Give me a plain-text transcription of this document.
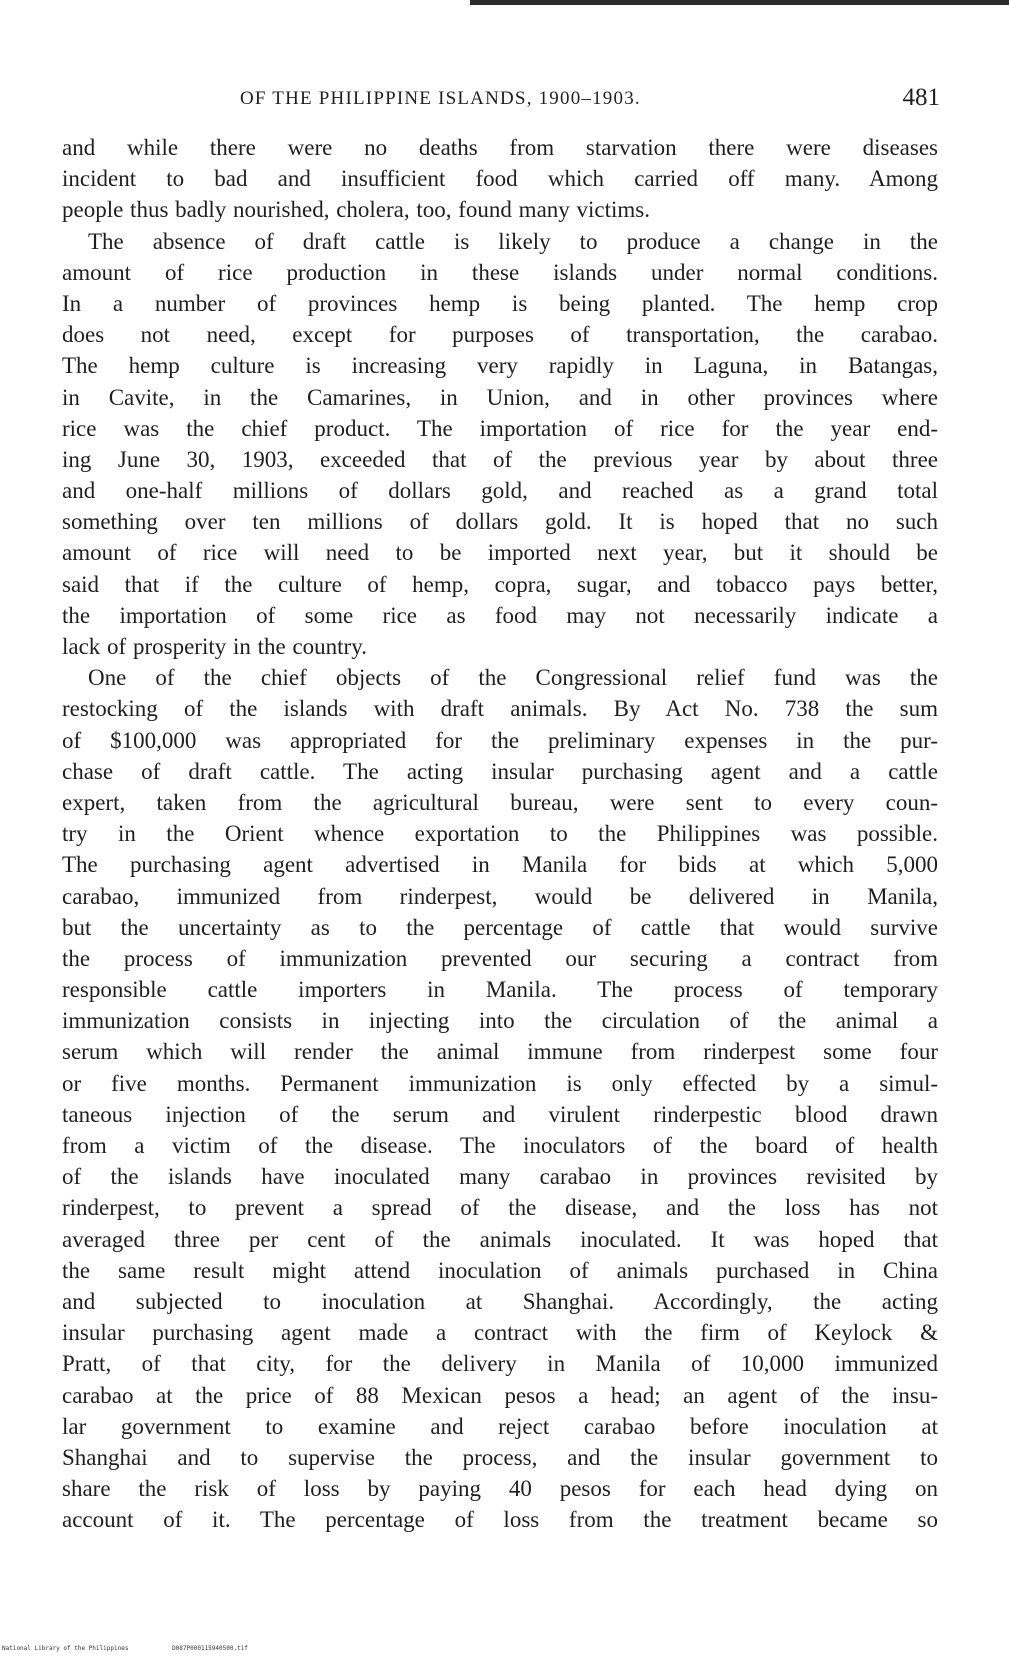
OF THE PHILIPPINE ISLANDS, 1900–1903.	481
and while there were no deaths from starvation there were diseases
incident to bad and insufficient food which carried off many. Among
people thus badly nourished, cholera, too, found many victims.
The absence of draft cattle is likely to produce a change in the
amount of rice production in these islands under normal conditions.
In a number of provinces hemp is being planted. The hemp crop
does not need, except for purposes of transportation, the carabao.
The hemp culture is increasing very rapidly in Laguna, in Batangas,
in Cavite, in the Camarines, in Union, and in other provinces where
rice was the chief product. The importation of rice for the year end-
ing June 30, 1903, exceeded that of the previous year by about three
and one-half millions of dollars gold, and reached as a grand total
something over ten millions of dollars gold. It is hoped that no such
amount of rice will need to be imported next year, but it should be
said that if the culture of hemp, copra, sugar, and tobacco pays better,
the importation of some rice as food may not necessarily indicate a
lack of prosperity in the country.
One of the chief objects of the Congressional relief fund was the
restocking of the islands with draft animals. By Act No. 738 the sum
of $100,000 was appropriated for the preliminary expenses in the pur-
chase of draft cattle. The acting insular purchasing agent and a cattle
expert, taken from the agricultural bureau, were sent to every coun-
try in the Orient whence exportation to the Philippines was possible.
The purchasing agent advertised in Manila for bids at which 5,000
carabao, immunized from rinderpest, would be delivered in Manila,
but the uncertainty as to the percentage of cattle that would survive
the process of immunization prevented our securing a contract from
responsible cattle importers in Manila. The process of temporary
immunization consists in injecting into the circulation of the animal a
serum which will render the animal immune from rinderpest some four
or five months. Permanent immunization is only effected by a simul-
taneous injection of the serum and virulent rinderpestic blood drawn
from a victim of the disease. The inoculators of the board of health
of the islands have inoculated many carabao in provinces revisited by
rinderpest, to prevent a spread of the disease, and the loss has not
averaged three per cent of the animals inoculated. It was hoped that
the same result might attend inoculation of animals purchased in China
and subjected to inoculation at Shanghai. Accordingly, the acting
insular purchasing agent made a contract with the firm of Keylock &
Pratt, of that city, for the delivery in Manila of 10,000 immunized
carabao at the price of 88 Mexican pesos a head; an agent of the insu-
lar government to examine and reject carabao before inoculation at
Shanghai and to supervise the process, and the insular government to
share the risk of loss by paying 40 pesos for each head dying on
account of it. The percentage of loss from the treatment became so
National Library of the Philippines	D087P000115940500.tif
